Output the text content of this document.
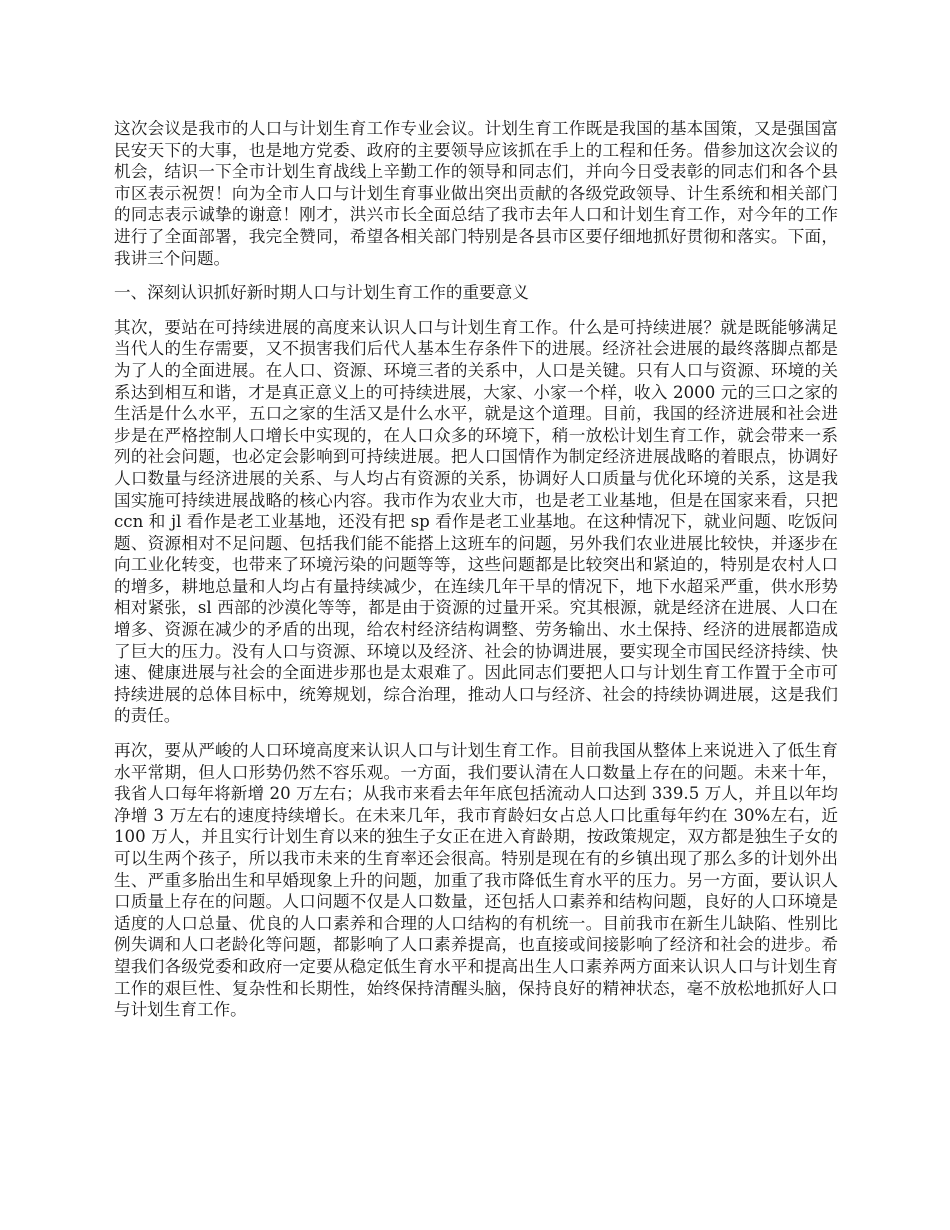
这次会议是我市的人口与计划生育工作专业会议。计划生育工作既是我国的基本国策，又是强国富民安天下的大事，也是地方党委、政府的主要领导应该抓在手上的工程和任务。借参加这次会议的机会，结识一下全市计划生育战线上辛勤工作的领导和同志们，并向今日受表彰的同志们和各个县市区表示祝贺！向为全市人口与计划生育事业做出突出贡献的各级党政领导、计生系统和相关部门的同志表示诚挚的谢意！刚才，洪兴市长全面总结了我市去年人口和计划生育工作，对今年的工作进行了全面部署，我完全赞同，希望各相关部门特别是各县市区要仔细地抓好贯彻和落实。下面，我讲三个问题。

一、深刻认识抓好新时期人口与计划生育工作的重要意义

其次，要站在可持续进展的高度来认识人口与计划生育工作。什么是可持续进展？就是既能够满足当代人的生存需要，又不损害我们后代人基本生存条件下的进展。经济社会进展的最终落脚点都是为了人的全面进展。在人口、资源、环境三者的关系中，人口是关键。只有人口与资源、环境的关系达到相互和谐，才是真正意义上的可持续进展，大家、小家一个样，收入 2000 元的三口之家的生活是什么水平，五口之家的生活又是什么水平，就是这个道理。目前，我国的经济进展和社会进步是在严格控制人口增长中实现的，在人口众多的环境下，稍一放松计划生育工作，就会带来一系列的社会问题，也必定会影响到可持续进展。把人口国情作为制定经济进展战略的着眼点，协调好人口数量与经济进展的关系、与人均占有资源的关系，协调好人口质量与优化环境的关系，这是我国实施可持续进展战略的核心内容。我市作为农业大市，也是老工业基地，但是在国家来看，只把 ccn 和 jl 看作是老工业基地，还没有把 sp 看作是老工业基地。在这种情况下，就业问题、吃饭问题、资源相对不足问题、包括我们能不能搭上这班车的问题，另外我们农业进展比较快，并逐步在向工业化转变，也带来了环境污染的问题等等，这些问题都是比较突出和紧迫的，特别是农村人口的增多，耕地总量和人均占有量持续减少，在连续几年干旱的情况下，地下水超采严重，供水形势相对紧张，sl 西部的沙漠化等等，都是由于资源的过量开采。究其根源，就是经济在进展、人口在增多、资源在减少的矛盾的出现，给农村经济结构调整、劳务输出、水土保持、经济的进展都造成了巨大的压力。没有人口与资源、环境以及经济、社会的协调进展，要实现全市国民经济持续、快速、健康进展与社会的全面进步那也是太艰难了。因此同志们要把人口与计划生育工作置于全市可持续进展的总体目标中，统筹规划，综合治理，推动人口与经济、社会的持续协调进展，这是我们的责任。

再次，要从严峻的人口环境高度来认识人口与计划生育工作。目前我国从整体上来说进入了低生育水平常期，但人口形势仍然不容乐观。一方面，我们要认清在人口数量上存在的问题。未来十年，我省人口每年将新增 20 万左右；从我市来看去年年底包括流动人口达到 339.5 万人，并且以年均净增 3 万左右的速度持续增长。在未来几年，我市育龄妇女占总人口比重每年约在 30%左右，近 100 万人，并且实行计划生育以来的独生子女正在进入育龄期，按政策规定，双方都是独生子女的可以生两个孩子，所以我市未来的生育率还会很高。特别是现在有的乡镇出现了那么多的计划外出生、严重多胎出生和早婚现象上升的问题，加重了我市降低生育水平的压力。另一方面，要认识人口质量上存在的问题。人口问题不仅是人口数量，还包括人口素养和结构问题，良好的人口环境是适度的人口总量、优良的人口素养和合理的人口结构的有机统一。目前我市在新生儿缺陷、性别比例失调和人口老龄化等问题，都影响了人口素养提高，也直接或间接影响了经济和社会的进步。希望我们各级党委和政府一定要从稳定低生育水平和提高出生人口素养两方面来认识人口与计划生育工作的艰巨性、复杂性和长期性，始终保持清醒头脑，保持良好的精神状态，毫不放松地抓好人口与计划生育工作。
